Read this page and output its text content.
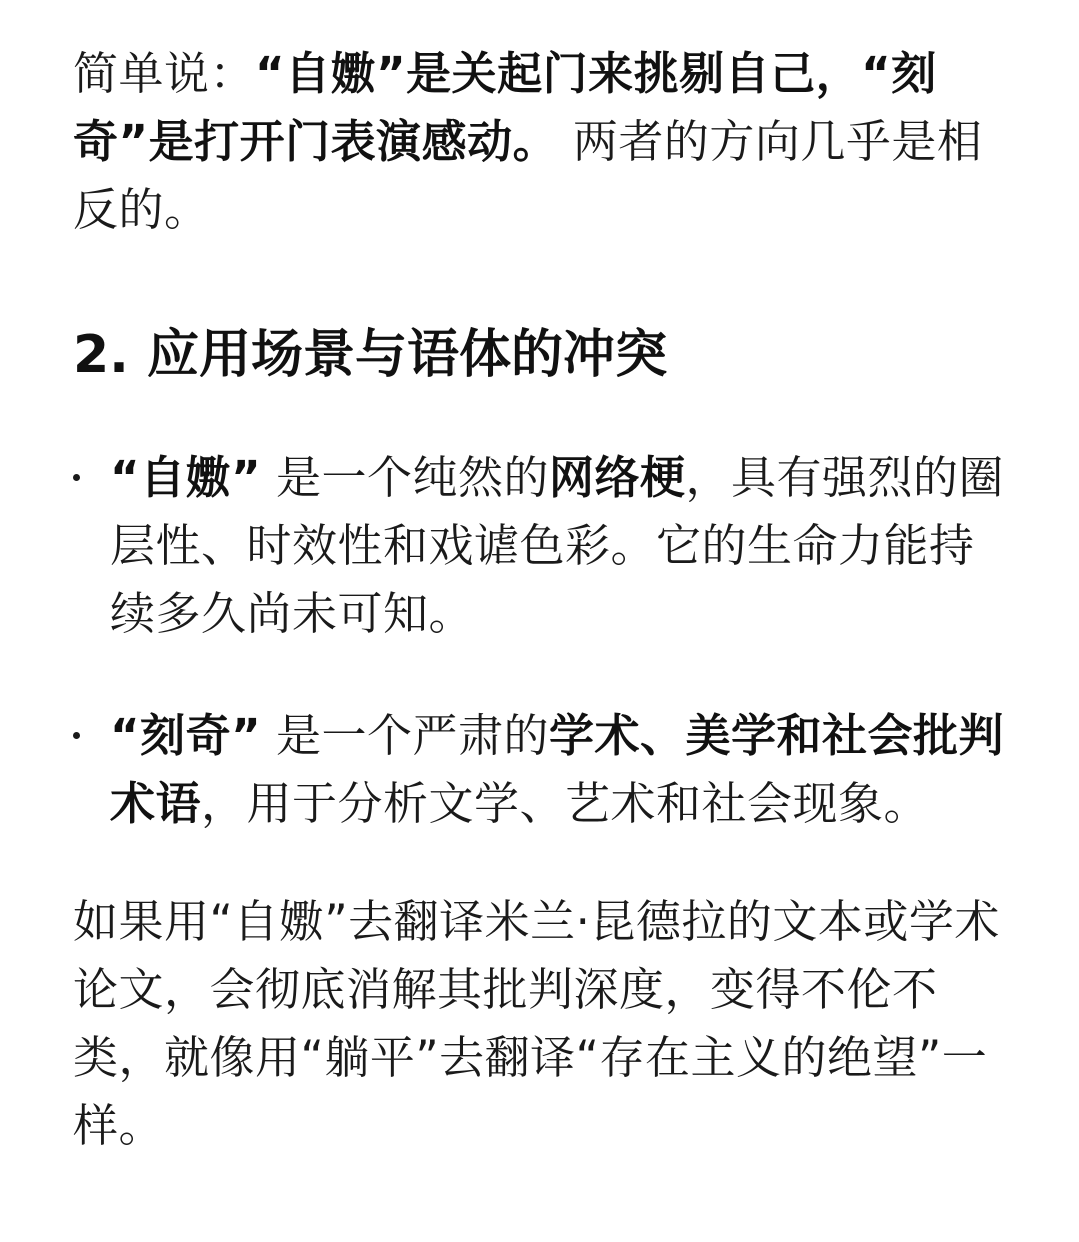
简单说：“自嫐”是关起门来挑剔自己，“刻奇”是打开门表演感动。 两者的方向几乎是相反的。

2. 应用场景与语体的冲突
“自嫐” 是一个纯然的网络梗，具有强烈的圈层性、时效性和戏谑色彩。它的生命力能持续多久尚未可知。
“刻奇” 是一个严肃的学术、美学和社会批判术语，用于分析文学、艺术和社会现象。

如果用“自嫐”去翻译米兰·昆德拉的文本或学术论文，会彻底消解其批判深度，变得不伦不类，就像用“躺平”去翻译“存在主义的绝望”一样。
